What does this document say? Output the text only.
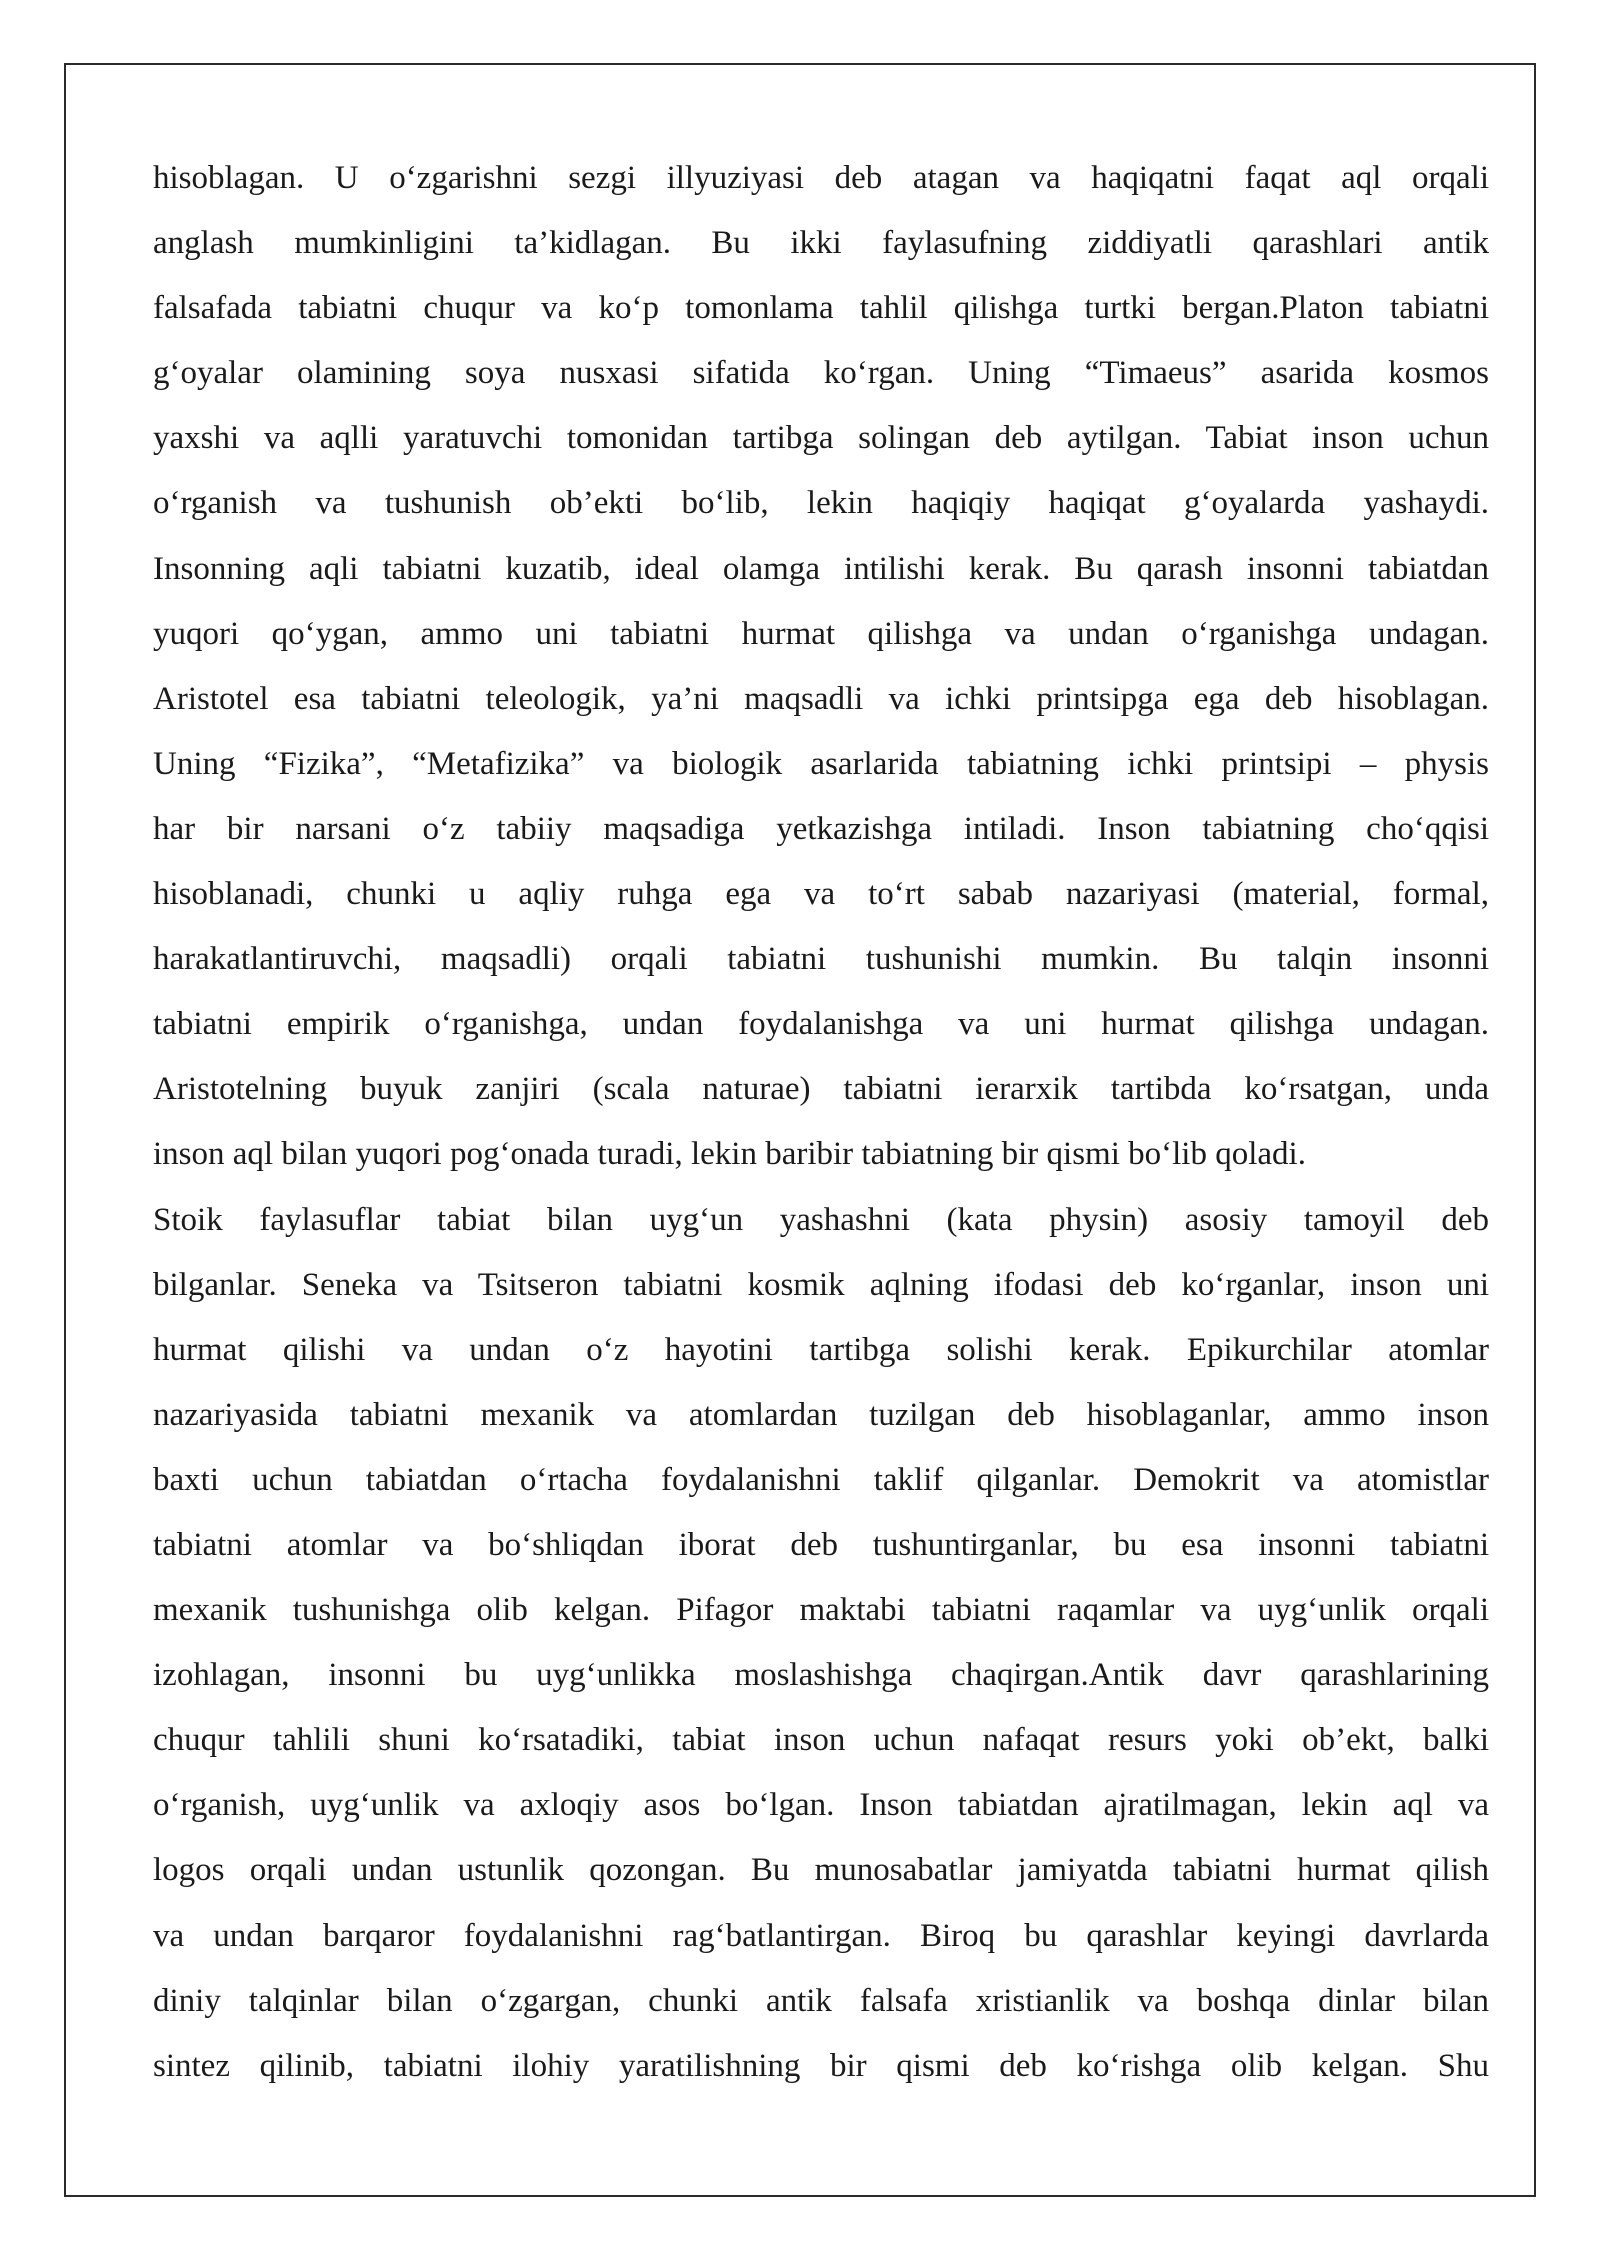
hisoblagan. U o‘zgarishni sezgi illyuziyasi deb atagan va haqiqatni faqat aql orqali
anglash mumkinligini ta’kidlagan. Bu ikki faylasufning ziddiyatli qarashlari antik
falsafada tabiatni chuqur va ko‘p tomonlama tahlil qilishga turtki bergan.Platon tabiatni
g‘oyalar olamining soya nusxasi sifatida ko‘rgan. Uning “Timaeus” asarida kosmos
yaxshi va aqlli yaratuvchi tomonidan tartibga solingan deb aytilgan. Tabiat inson uchun
o‘rganish va tushunish ob’ekti bo‘lib, lekin haqiqiy haqiqat g‘oyalarda yashaydi.
Insonning aqli tabiatni kuzatib, ideal olamga intilishi kerak. Bu qarash insonni tabiatdan
yuqori qo‘ygan, ammo uni tabiatni hurmat qilishga va undan o‘rganishga undagan.
Aristotel esa tabiatni teleologik, ya’ni maqsadli va ichki printsipga ega deb hisoblagan.
Uning “Fizika”, “Metafizika” va biologik asarlarida tabiatning ichki printsipi – physis
har bir narsani o‘z tabiiy maqsadiga yetkazishga intiladi. Inson tabiatning cho‘qqisi
hisoblanadi, chunki u aqliy ruhga ega va to‘rt sabab nazariyasi (material, formal,
harakatlantiruvchi, maqsadli) orqali tabiatni tushunishi mumkin. Bu talqin insonni
tabiatni empirik o‘rganishga, undan foydalanishga va uni hurmat qilishga undagan.
Aristotelning buyuk zanjiri (scala naturae) tabiatni ierarxik tartibda ko‘rsatgan, unda
inson aql bilan yuqori pog‘onada turadi, lekin baribir tabiatning bir qismi bo‘lib qoladi.
Stoik faylasuflar tabiat bilan uyg‘un yashashni (kata physin) asosiy tamoyil deb
bilganlar. Seneka va Tsitseron tabiatni kosmik aqlning ifodasi deb ko‘rganlar, inson uni
hurmat qilishi va undan o‘z hayotini tartibga solishi kerak. Epikurchilar atomlar
nazariyasida tabiatni mexanik va atomlardan tuzilgan deb hisoblaganlar, ammo inson
baxti uchun tabiatdan o‘rtacha foydalanishni taklif qilganlar. Demokrit va atomistlar
tabiatni atomlar va bo‘shliqdan iborat deb tushuntirganlar, bu esa insonni tabiatni
mexanik tushunishga olib kelgan. Pifagor maktabi tabiatni raqamlar va uyg‘unlik orqali
izohlagan, insonni bu uyg‘unlikka moslashishga chaqirgan.Antik davr qarashlarining
chuqur tahlili shuni ko‘rsatadiki, tabiat inson uchun nafaqat resurs yoki ob’ekt, balki
o‘rganish, uyg‘unlik va axloqiy asos bo‘lgan. Inson tabiatdan ajratilmagan, lekin aql va
logos orqali undan ustunlik qozongan. Bu munosabatlar jamiyatda tabiatni hurmat qilish
va undan barqaror foydalanishni rag‘batlantirgan. Biroq bu qarashlar keyingi davrlarda
diniy talqinlar bilan o‘zgargan, chunki antik falsafa xristianlik va boshqa dinlar bilan
sintez qilinib, tabiatni ilohiy yaratilishning bir qismi deb ko‘rishga olib kelgan. Shu
